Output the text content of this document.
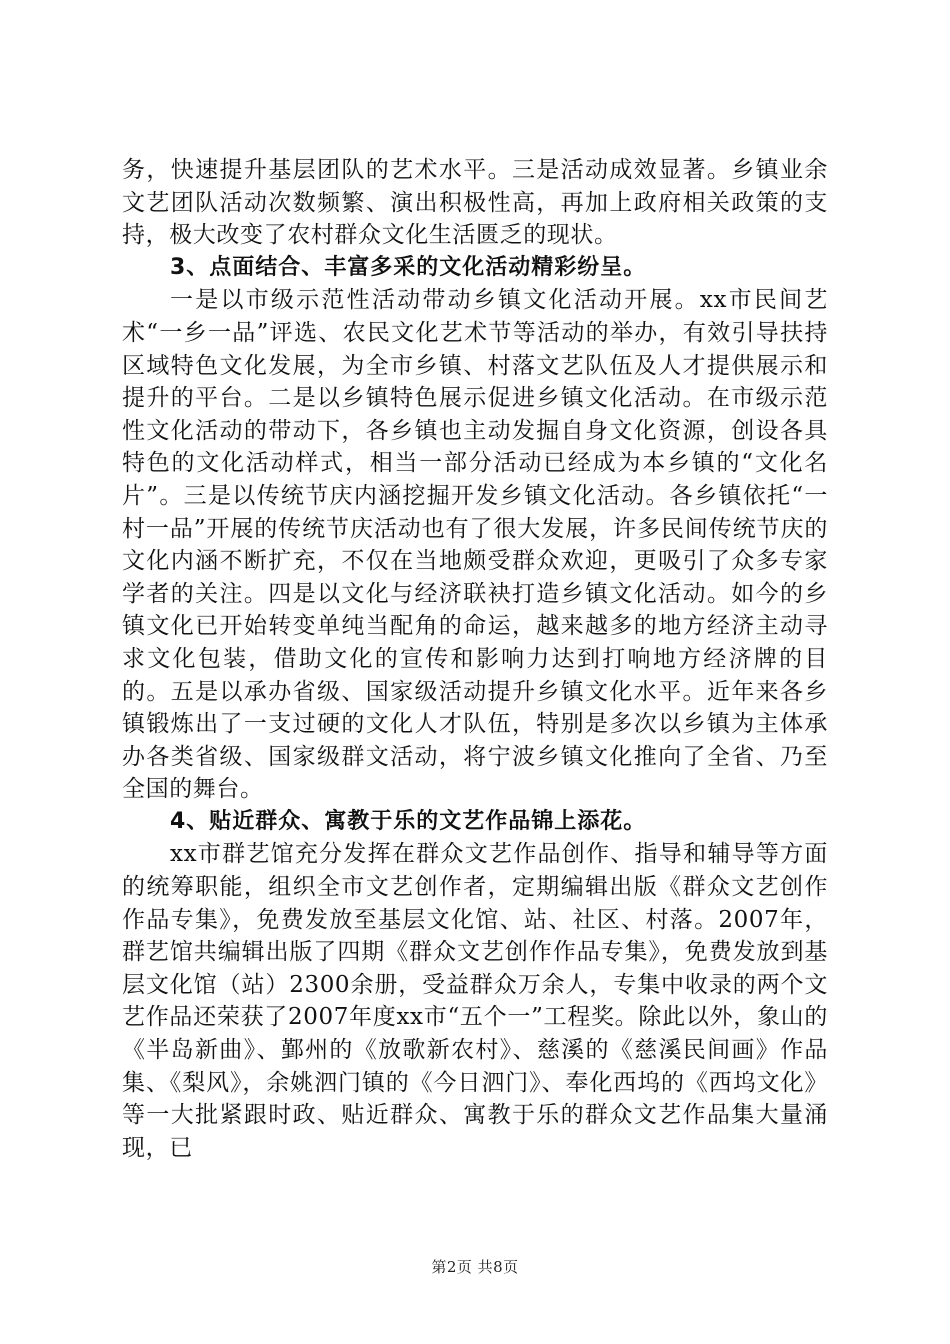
务，快速提升基层团队的艺术水平。三是活动成效显著。乡镇业余文艺团队活动次数频繁、演出积极性高，再加上政府相关政策的支持，极大改变了农村群众文化生活匮乏的现状。

3、点面结合、丰富多采的文化活动精彩纷呈。

一是以市级示范性活动带动乡镇文化活动开展。xx市民间艺术“一乡一品”评选、农民文化艺术节等活动的举办，有效引导扶持区域特色文化发展，为全市乡镇、村落文艺队伍及人才提供展示和提升的平台。二是以乡镇特色展示促进乡镇文化活动。在市级示范性文化活动的带动下，各乡镇也主动发掘自身文化资源，创设各具特色的文化活动样式，相当一部分活动已经成为本乡镇的“文化名片”。三是以传统节庆内涵挖掘开发乡镇文化活动。各乡镇依托“一村一品”开展的传统节庆活动也有了很大发展，许多民间传统节庆的文化内涵不断扩充，不仅在当地颇受群众欢迎，更吸引了众多专家学者的关注。四是以文化与经济联袂打造乡镇文化活动。如今的乡镇文化已开始转变单纯当配角的命运，越来越多的地方经济主动寻求文化包装，借助文化的宣传和影响力达到打响地方经济牌的目的。五是以承办省级、国家级活动提升乡镇文化水平。近年来各乡镇锻炼出了一支过硬的文化人才队伍，特别是多次以乡镇为主体承办各类省级、国家级群文活动，将宁波乡镇文化推向了全省、乃至全国的舞台。

4、贴近群众、寓教于乐的文艺作品锦上添花。

xx市群艺馆充分发挥在群众文艺作品创作、指导和辅导等方面的统筹职能，组织全市文艺创作者，定期编辑出版《群众文艺创作作品专集》，免费发放至基层文化馆、站、社区、村落。2007年，群艺馆共编辑出版了四期《群众文艺创作作品专集》，免费发放到基层文化馆（站）2300余册，受益群众万余人，专集中收录的两个文艺作品还荣获了2007年度xx市“五个一”工程奖。除此以外，象山的《半岛新曲》、鄞州的《放歌新农村》、慈溪的《慈溪民间画》作品集、《梨风》，余姚泗门镇的《今日泗门》、奉化西坞的《西坞文化》等一大批紧跟时政、贴近群众、寓教于乐的群众文艺作品集大量涌现，已

第2页 共8页
